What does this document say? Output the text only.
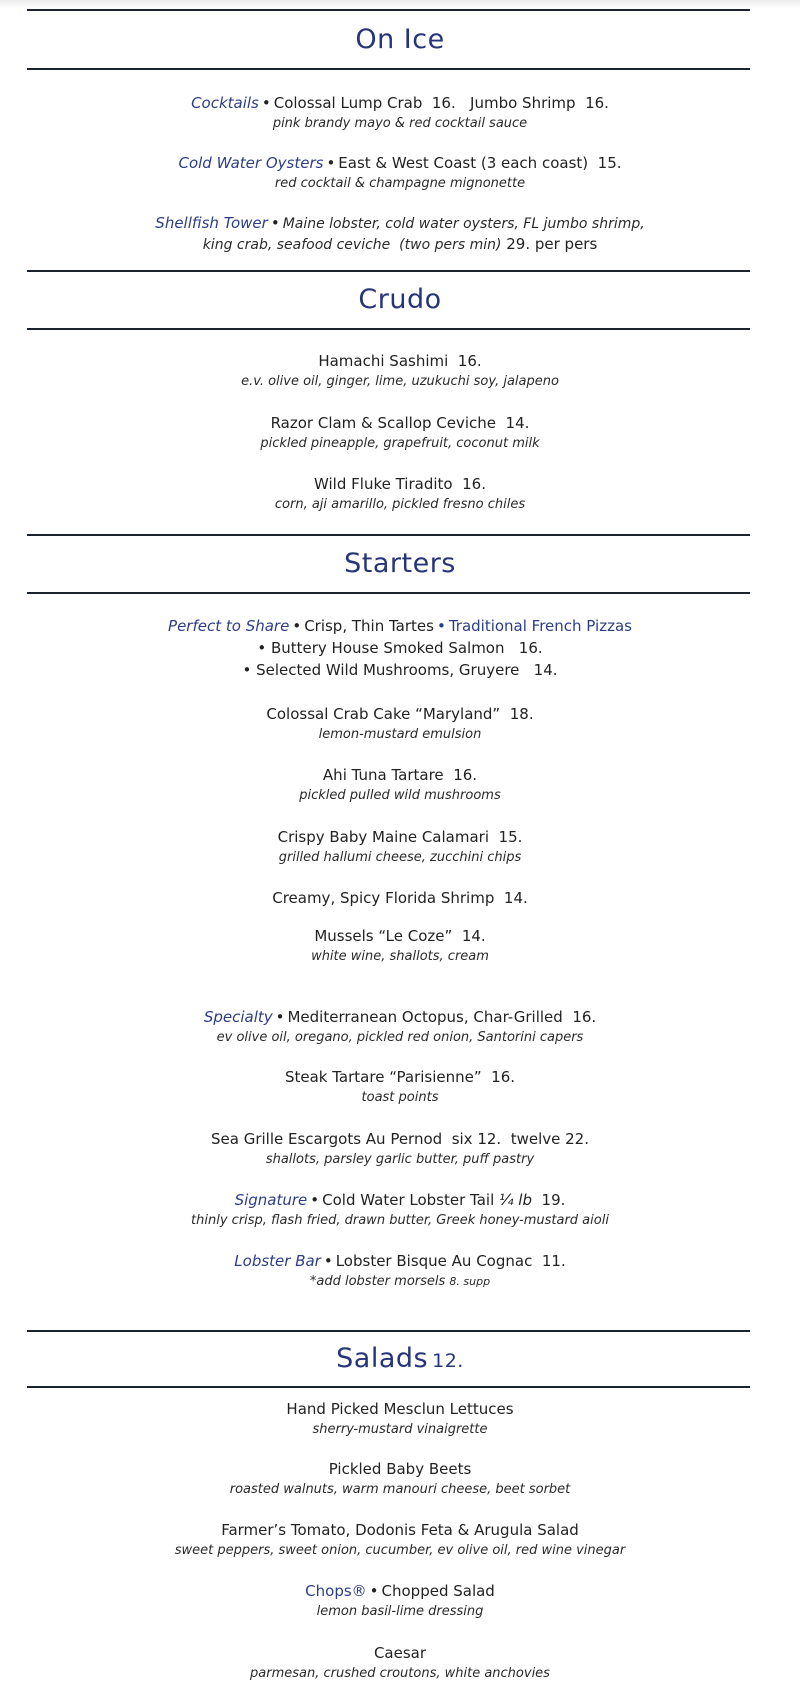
On Ice
Cocktails • Colossal Lump Crab  16.   Jumbo Shrimp  16.
pink brandy mayo & red cocktail sauce
Cold Water Oysters • East & West Coast (3 each coast)  15.
red cocktail & champagne mignonette
Shellfish Tower • Maine lobster, cold water oysters, FL jumbo shrimp,
king crab, seafood ceviche  (two pers min) 29. per pers
Crudo
Hamachi Sashimi  16.
e.v. olive oil, ginger, lime, uzukuchi soy, jalapeno
Razor Clam & Scallop Ceviche  14.
pickled pineapple, grapefruit, coconut milk
Wild Fluke Tiradito  16.
corn, aji amarillo, pickled fresno chiles
Starters
Perfect to Share • Crisp, Thin Tartes • Traditional French Pizzas
• Buttery House Smoked Salmon   16.
• Selected Wild Mushrooms, Gruyere   14.
Colossal Crab Cake “Maryland”  18.
lemon-mustard emulsion
Ahi Tuna Tartare  16.
pickled pulled wild mushrooms
Crispy Baby Maine Calamari  15.
grilled hallumi cheese, zucchini chips
Creamy, Spicy Florida Shrimp  14.
Mussels “Le Coze”  14.
white wine, shallots, cream
Specialty • Mediterranean Octopus, Char-Grilled  16.
ev olive oil, oregano, pickled red onion, Santorini capers
Steak Tartare “Parisienne”  16.
toast points
Sea Grille Escargots Au Pernod  six 12.  twelve 22.
shallots, parsley garlic butter, puff pastry
Signature • Cold Water Lobster Tail ¼ lb  19.
thinly crisp, flash fried, drawn butter, Greek honey-mustard aioli
Lobster Bar • Lobster Bisque Au Cognac  11.
*add lobster morsels 8. supp
Salads 12.
Hand Picked Mesclun Lettuces
sherry-mustard vinaigrette
Pickled Baby Beets
roasted walnuts, warm manouri cheese, beet sorbet
Farmer’s Tomato, Dodonis Feta & Arugula Salad
sweet peppers, sweet onion, cucumber, ev olive oil, red wine vinegar
Chops® • Chopped Salad
lemon basil-lime dressing
Caesar
parmesan, crushed croutons, white anchovies
